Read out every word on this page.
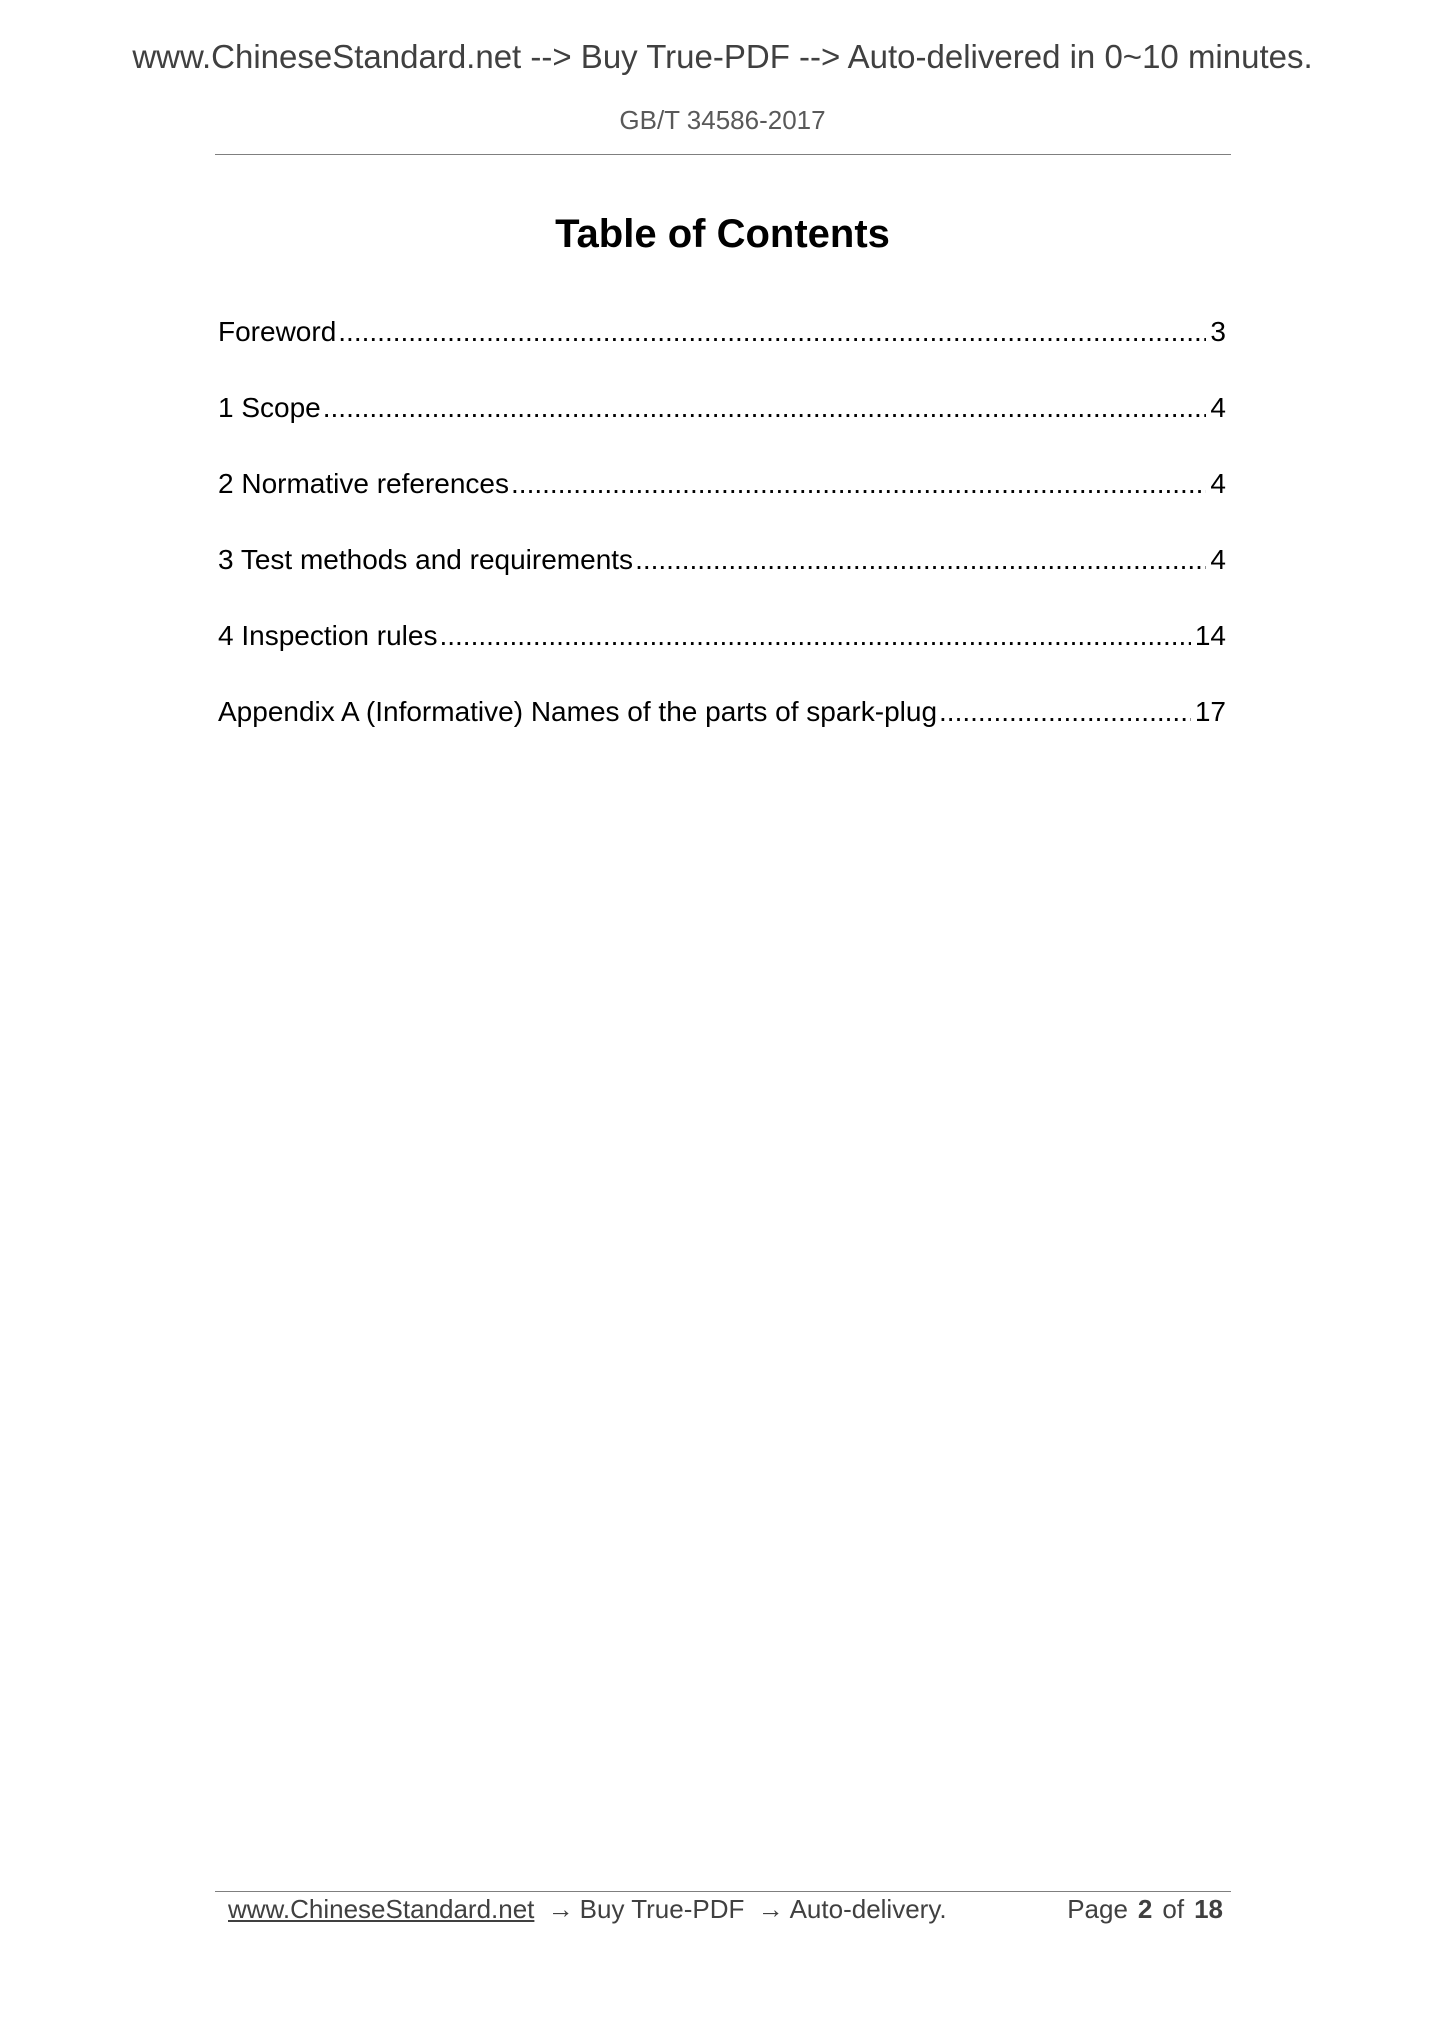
www.ChineseStandard.net --> Buy True-PDF --> Auto-delivered in 0~10 minutes.
GB/T 34586-2017
Table of Contents
Foreword .....	3
1 Scope .....	4
2 Normative references .....	4
3 Test methods and requirements .....	4
4 Inspection rules .....	14
Appendix A (Informative) Names of the parts of spark-plug .....	17
www.ChineseStandard.net → Buy True-PDF → Auto-delivery.	Page 2 of 18
